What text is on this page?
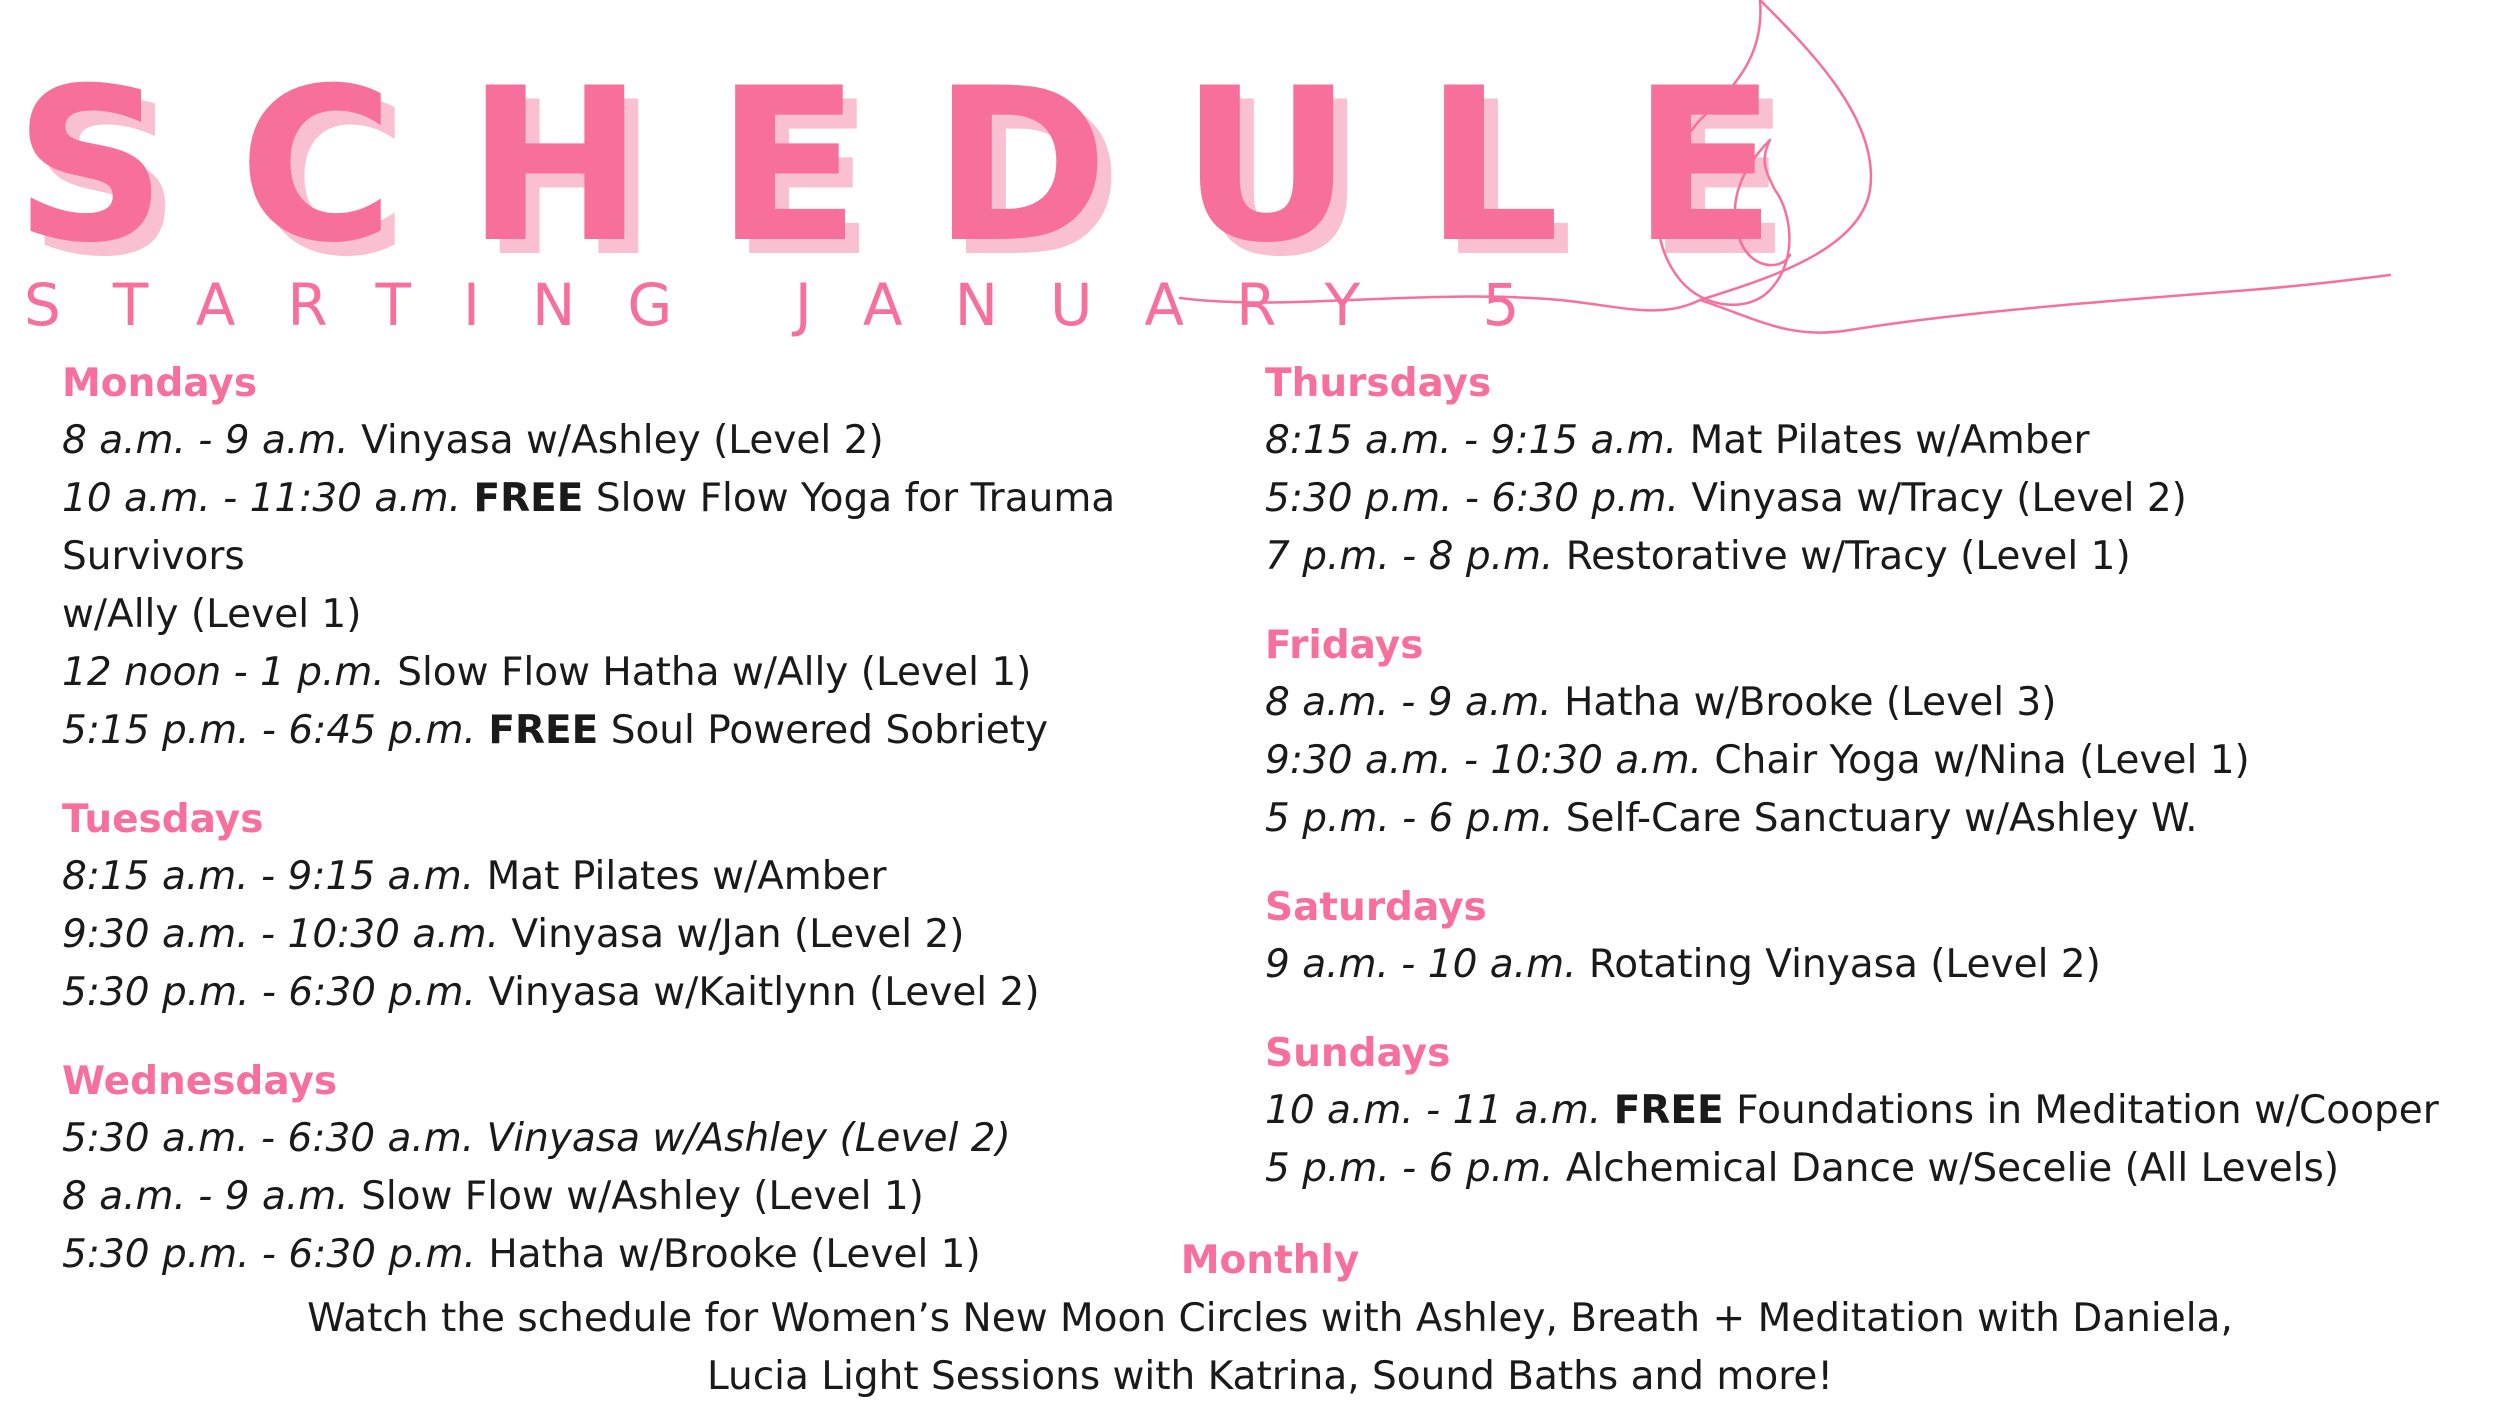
SCHEDULE

STARTING JANUARY 5

Mondays

8 a.m. - 9 a.m. Vinyasa w/Ashley (Level 2)

10 a.m. - 11:30 a.m. FREE Slow Flow Yoga for Trauma Survivors

w/Ally (Level 1)

12 noon - 1 p.m. Slow Flow Hatha w/Ally (Level 1)

5:15 p.m. - 6:45 p.m. FREE Soul Powered Sobriety

Tuesdays

8:15 a.m. - 9:15 a.m. Mat Pilates w/Amber

9:30 a.m. - 10:30 a.m. Vinyasa w/Jan (Level 2)

5:30 p.m. - 6:30 p.m. Vinyasa w/Kaitlynn (Level 2)

Wednesdays

5:30 a.m. - 6:30 a.m. Vinyasa w/Ashley (Level 2)

8 a.m. - 9 a.m. Slow Flow w/Ashley (Level 1)

5:30 p.m. - 6:30 p.m. Hatha w/Brooke (Level 1)

Thursdays

8:15 a.m. - 9:15 a.m. Mat Pilates w/Amber

5:30 p.m. - 6:30 p.m. Vinyasa w/Tracy (Level 2)

7 p.m. - 8 p.m. Restorative w/Tracy (Level 1)

Fridays

8 a.m. - 9 a.m. Hatha w/Brooke (Level 3)

9:30 a.m. - 10:30 a.m. Chair Yoga w/Nina (Level 1)

5 p.m. - 6 p.m. Self-Care Sanctuary w/Ashley W.

Saturdays

9 a.m. - 10 a.m. Rotating Vinyasa (Level 2)

Sundays

10 a.m. - 11 a.m. FREE Foundations in Meditation w/Cooper

5 p.m. - 6 p.m. Alchemical Dance w/Secelie (All Levels)

Monthly

Watch the schedule for Women’s New Moon Circles with Ashley, Breath + Meditation with Daniela,

Lucia Light Sessions with Katrina, Sound Baths and more!
